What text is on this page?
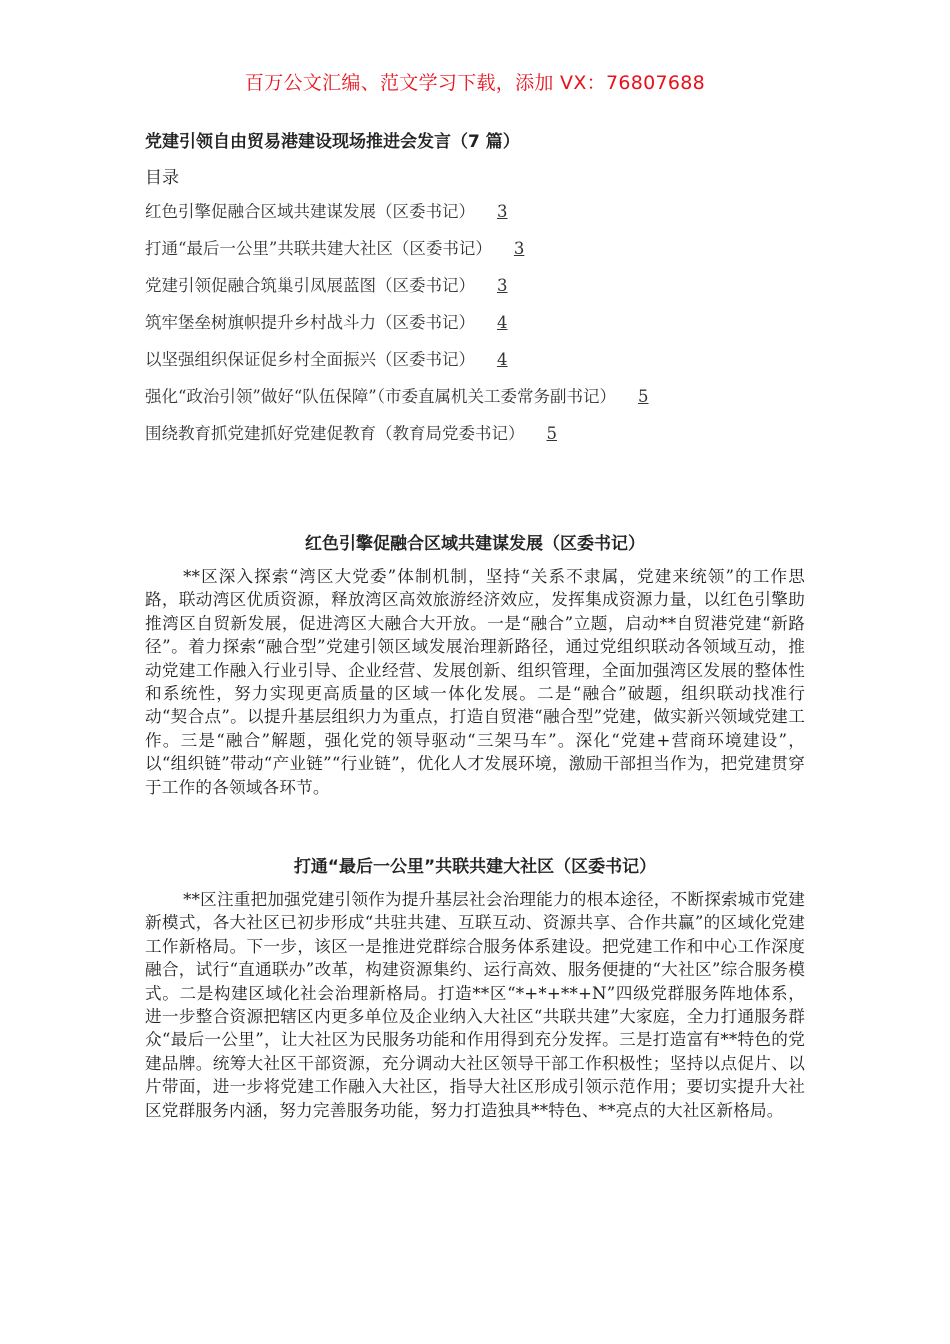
百万公文汇编、范文学习下载，添加 VX：76807688
党建引领自由贸易港建设现场推进会发言（7 篇）
目录
红色引擎促融合区域共建谋发展（区委书记） 3
打通“最后一公里”共联共建大社区（区委书记） 3
党建引领促融合筑巢引凤展蓝图（区委书记） 3
筑牢堡垒树旗帜提升乡村战斗力（区委书记） 4
以坚强组织保证促乡村全面振兴（区委书记） 4
强化“政治引领”做好“队伍保障”（市委直属机关工委常务副书记） 5
围绕教育抓党建抓好党建促教育（教育局党委书记） 5
红色引擎促融合区域共建谋发展（区委书记）

**区深入探索“湾区大党委”体制机制，坚持“关系不隶属，党建来统领”的工作思路，联动湾区优质资源，释放湾区高效旅游经济效应，发挥集成资源力量，以红色引擎助推湾区自贸新发展，促进湾区大融合大开放。一是“融合”立题，启动**自贸港党建“新路径”。着力探索“融合型”党建引领区域发展治理新路径，通过党组织联动各领域互动，推动党建工作融入行业引导、企业经营、发展创新、组织管理，全面加强湾区发展的整体性和系统性，努力实现更高质量的区域一体化发展。二是“融合”破题，组织联动找准行动“契合点”。以提升基层组织力为重点，打造自贸港“融合型”党建，做实新兴领域党建工作。三是“融合”解题，强化党的领导驱动“三架马车”。深化“党建+营商环境建设”，以“组织链”带动“产业链”“行业链”，优化人才发展环境，激励干部担当作为，把党建贯穿于工作的各领域各环节。

打通“最后一公里”共联共建大社区（区委书记）

**区注重把加强党建引领作为提升基层社会治理能力的根本途径，不断探索城市党建新模式，各大社区已初步形成“共驻共建、互联互动、资源共享、合作共赢”的区域化党建工作新格局。下一步，该区一是推进党群综合服务体系建设。把党建工作和中心工作深度融合，试行“直通联办”改革，构建资源集约、运行高效、服务便捷的“大社区”综合服务模式。二是构建区域化社会治理新格局。打造**区“*+*+**+N”四级党群服务阵地体系，进一步整合资源把辖区内更多单位及企业纳入大社区“共联共建”大家庭，全力打通服务群众“最后一公里”，让大社区为民服务功能和作用得到充分发挥。三是打造富有**特色的党建品牌。统筹大社区干部资源，充分调动大社区领导干部工作积极性；坚持以点促片、以片带面，进一步将党建工作融入大社区，指导大社区形成引领示范作用；要切实提升大社区党群服务内涵，努力完善服务功能，努力打造独具**特色、**亮点的大社区新格局。
